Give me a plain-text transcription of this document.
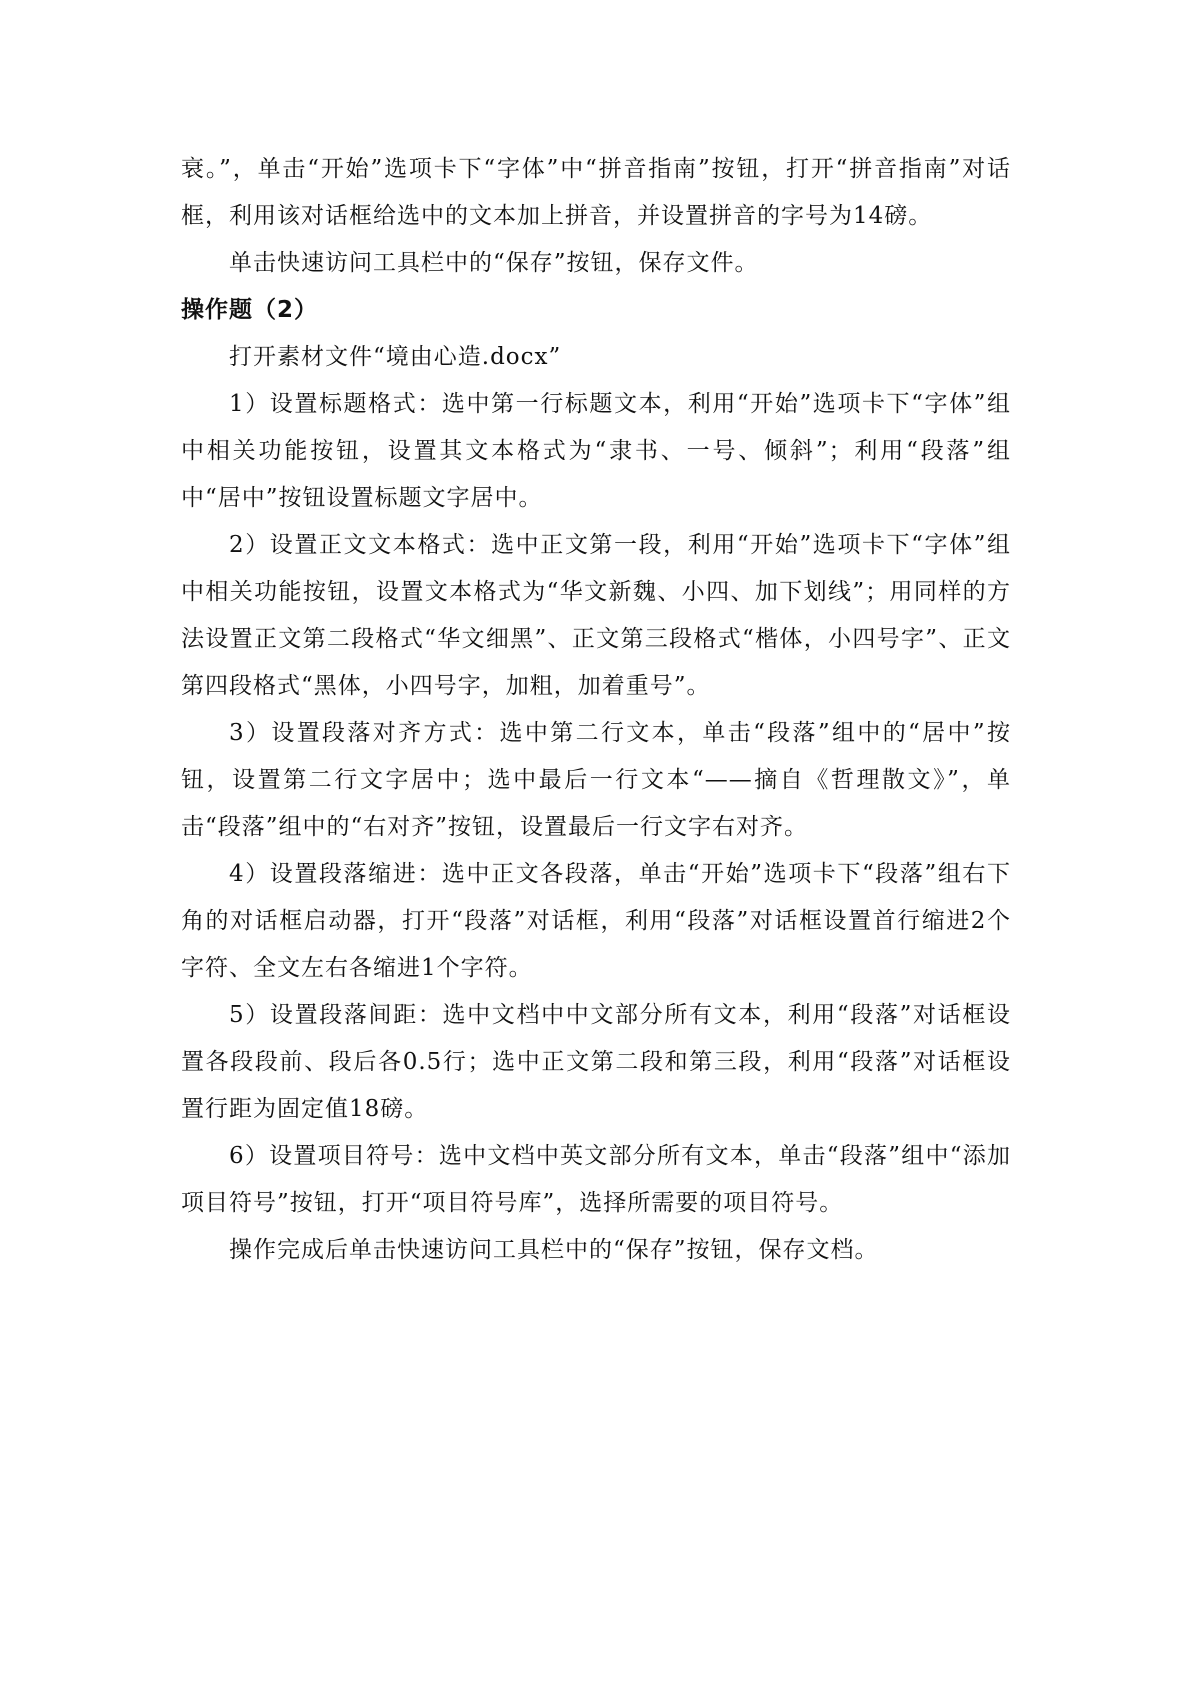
衰。”，单击“开始”选项卡下“字体”中“拼音指南”按钮，打开“拼音指南”对话框，利用该对话框给选中的文本加上拼音，并设置拼音的字号为14磅。

单击快速访问工具栏中的“保存”按钮，保存文件。

操作题（2）

打开素材文件“境由心造.docx”

1）设置标题格式：选中第一行标题文本，利用“开始”选项卡下“字体”组中相关功能按钮，设置其文本格式为“隶书、一号、倾斜”；利用“段落”组中“居中”按钮设置标题文字居中。

2）设置正文文本格式：选中正文第一段，利用“开始”选项卡下“字体”组中相关功能按钮，设置文本格式为“华文新魏、小四、加下划线”；用同样的方法设置正文第二段格式“华文细黑”、正文第三段格式“楷体，小四号字”、正文第四段格式“黑体，小四号字，加粗，加着重号”。

3）设置段落对齐方式：选中第二行文本，单击“段落”组中的“居中”按钮，设置第二行文字居中；选中最后一行文本“——摘自《哲理散文》”，单击“段落”组中的“右对齐”按钮，设置最后一行文字右对齐。

4）设置段落缩进：选中正文各段落，单击“开始”选项卡下“段落”组右下角的对话框启动器，打开“段落”对话框，利用“段落”对话框设置首行缩进2个字符、全文左右各缩进1个字符。

5）设置段落间距：选中文档中中文部分所有文本，利用“段落”对话框设置各段段前、段后各0.5行；选中正文第二段和第三段，利用“段落”对话框设置行距为固定值18磅。

6）设置项目符号：选中文档中英文部分所有文本，单击“段落”组中“添加项目符号”按钮，打开“项目符号库”，选择所需要的项目符号。

操作完成后单击快速访问工具栏中的“保存”按钮，保存文档。
